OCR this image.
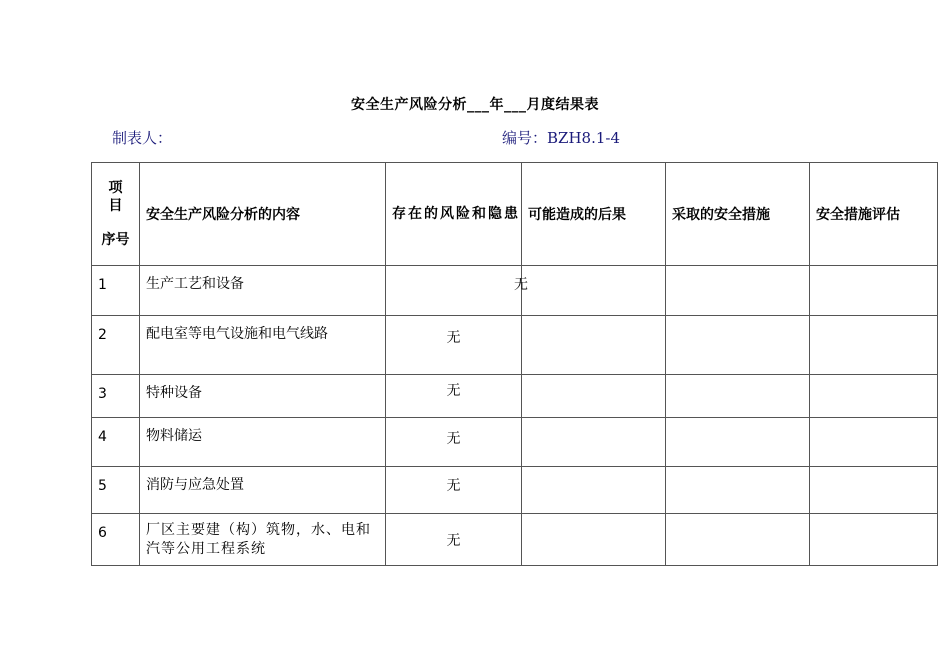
安全生产风险分析___年___月度结果表
制表人：	编号：BZH8.1-4
项
目
序号	安全生产风险分析的内容	存在的风险和隐患	可能造成的后果	采取的安全措施	安全措施评估
1	生产工艺和设备	无			

2	配电室等电气设施和电气线路	无			
3	特种设备	无			
4	物料储运	无			
5	消防与应急处置	无			
6	厂区主要建（构）筑物，水、电和汽等公用工程系统	无			
